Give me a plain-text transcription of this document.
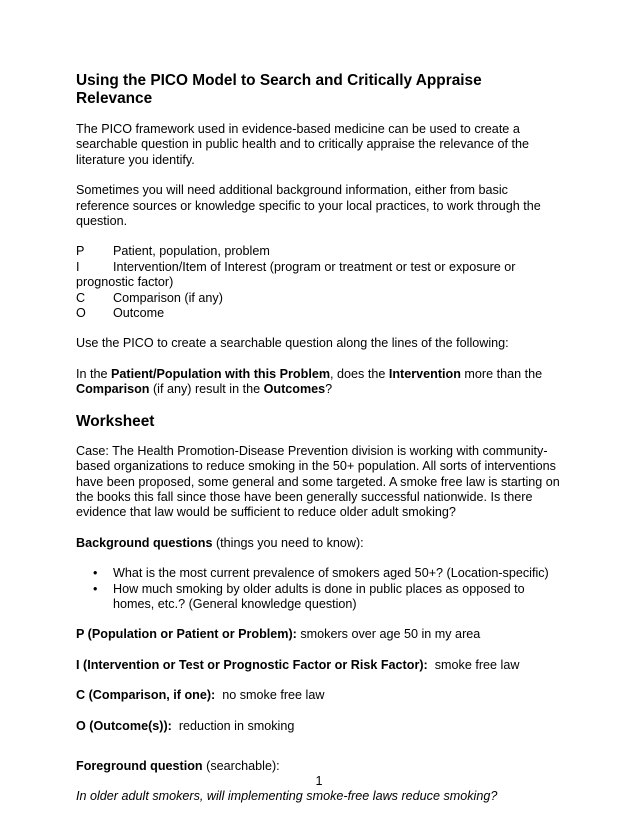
Using the PICO Model to Search and Critically Appraise Relevance

The PICO framework used in evidence-based medicine can be used to create a searchable question in public health and to critically appraise the relevance of the literature you identify.

Sometimes you will need additional background information, either from basic reference sources or knowledge specific to your local practices, to work through the question.

P	Patient, population, problem
I	Intervention/Item of Interest (program or treatment or test or exposure or prognostic factor)
C	Comparison (if any)
O	Outcome

Use the PICO to create a searchable question along the lines of the following:

In the Patient/Population with this Problem, does the Intervention more than the Comparison (if any) result in the Outcomes?

Worksheet

Case: The Health Promotion-Disease Prevention division is working with community-based organizations to reduce smoking in the 50+ population. All sorts of interventions have been proposed, some general and some targeted. A smoke free law is starting on the books this fall since those have been generally successful nationwide. Is there evidence that law would be sufficient to reduce older adult smoking?

Background questions (things you need to know):

• What is the most current prevalence of smokers aged 50+? (Location-specific)
• How much smoking by older adults is done in public places as opposed to homes, etc.? (General knowledge question)

P (Population or Patient or Problem): smokers over age 50 in my area

I (Intervention or Test or Prognostic Factor or Risk Factor):  smoke free law

C (Comparison, if one):  no smoke free law

O (Outcome(s)):  reduction in smoking

Foreground question (searchable):

In older adult smokers, will implementing smoke-free laws reduce smoking?

1
